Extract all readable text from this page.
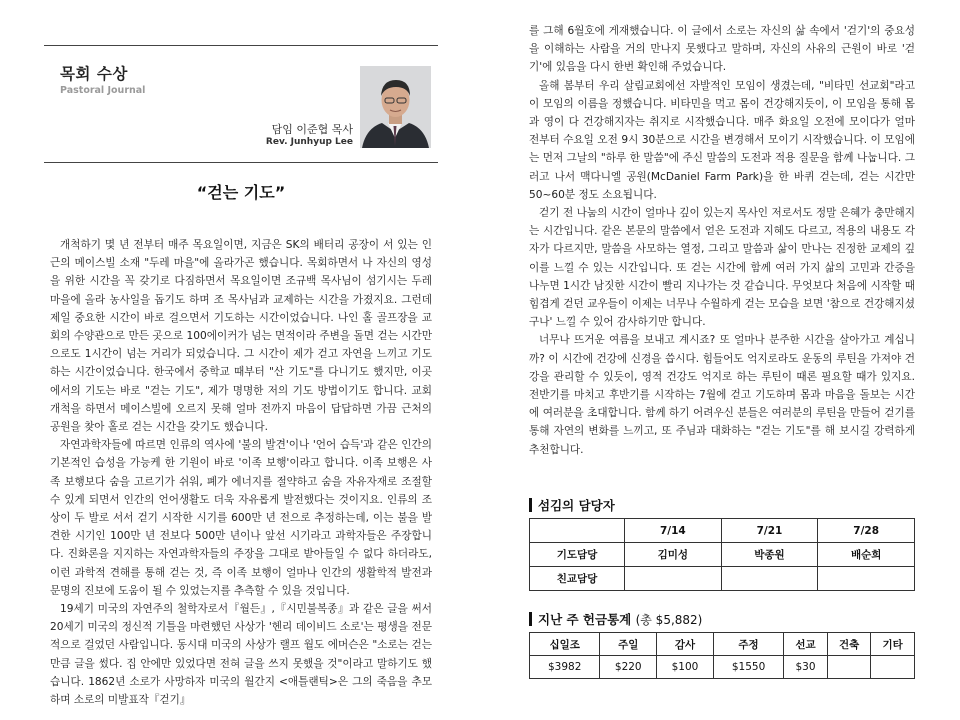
목회 수상
Pastoral Journal
담임 이준협 목사
Rev. Junhyup Lee
“걷는 기도”

개척하기 몇 년 전부터 매주 목요일이면, 지금은 SK의 배터리 공장이 서 있는 인근의 메이스빌 소재 "두레 마을"에 올라가곤 했습니다. 목회하면서 나 자신의 영성을 위한 시간을 꼭 갖기로 다짐하면서 목요일이면 조규백 목사님이 섬기시는 두레 마을에 올라 농사일을 돕기도 하며 조 목사님과 교제하는 시간을 가졌지요. 그런데 제일 중요한 시간이 바로 걸으면서 기도하는 시간이었습니다. 나인 홀 골프장을 교회의 수양관으로 만든 곳으로 100에이커가 넘는 면적이라 주변을 돌면 걷는 시간만으로도 1시간이 넘는 거리가 되었습니다. 그 시간이 제가 걷고 자연을 느끼고 기도하는 시간이었습니다. 한국에서 중학교 때부터 "산 기도"를 다니기도 했지만, 이곳에서의 기도는 바로 "걷는 기도", 제가 명명한 저의 기도 방법이기도 합니다. 교회 개척을 하면서 메이스빌에 오르지 못해 얼마 전까지 마음이 답답하면 가끔 근처의 공원을 찾아 홀로 걷는 시간을 갖기도 했습니다.

자연과학자들에 따르면 인류의 역사에 '불의 발견'이나 '언어 습득'과 같은 인간의 기본적인 습성을 가능케 한 기원이 바로 '이족 보행'이라고 합니다. 이족 보행은 사족 보행보다 숨을 고르기가 쉬워, 폐가 에너지를 절약하고 숨을 자유자재로 조절할 수 있게 되면서 인간의 언어생활도 더욱 자유롭게 발전했다는 것이지요. 인류의 조상이 두 발로 서서 걷기 시작한 시기를 600만 년 전으로 추정하는데, 이는 불을 발견한 시기인 100만 년 전보다 500만 년이나 앞선 시기라고 과학자들은 주장합니다. 진화론을 지지하는 자연과학자들의 주장을 그대로 받아들일 수 없다 하더라도, 이런 과학적 견해를 통해 걷는 것, 즉 이족 보행이 얼마나 인간의 생활학적 발전과 문명의 진보에 도움이 될 수 있었는지를 추측할 수 있을 것입니다.

19세기 미국의 자연주의 철학자로서『월든』,『시민불복종』과 같은 글을 써서 20세기 미국의 정신적 기틀을 마련했던 사상가 '헨리 데이비드 소로'는 평생을 전문적으로 걸었던 사람입니다. 동시대 미국의 사상가 랠프 월도 에머슨은 "소로는 걷는 만큼 글을 썼다. 집 안에만 있었다면 전혀 글을 쓰지 못했을 것"이라고 말하기도 했습니다. 1862년 소로가 사망하자 미국의 월간지 <애틀랜틱>은 그의 죽음을 추모하며 소로의 미발표작『걷기』

를 그해 6월호에 게재했습니다. 이 글에서 소로는 자신의 삶 속에서 '걷기'의 중요성을 이해하는 사람을 거의 만나지 못했다고 말하며, 자신의 사유의 근원이 바로 '걷기'에 있음을 다시 한번 확인해 주었습니다.

올해 봄부터 우리 살림교회에선 자발적인 모임이 생겼는데, "비타민 선교회"라고 이 모임의 이름을 정했습니다. 비타민을 먹고 몸이 건강해지듯이, 이 모임을 통해 몸과 영이 다 건강해지자는 취지로 시작했습니다. 매주 화요일 오전에 모이다가 얼마 전부터 수요일 오전 9시 30분으로 시간을 변경해서 모이기 시작했습니다. 이 모임에는 먼저 그날의 "하루 한 말씀"에 주신 말씀의 도전과 적용 질문을 함께 나눕니다. 그러고 나서 맥다니엘 공원(McDaniel Farm Park)을 한 바퀴 걷는데, 걷는 시간만 50~60분 정도 소요됩니다.

걷기 전 나눔의 시간이 얼마나 깊이 있는지 목사인 저로서도 정말 은혜가 충만해지는 시간입니다. 같은 본문의 말씀에서 얻은 도전과 지혜도 다르고, 적용의 내용도 각자가 다르지만, 말씀을 사모하는 열정, 그리고 말씀과 삶이 만나는 진정한 교제의 깊이를 느낄 수 있는 시간입니다. 또 걷는 시간에 함께 여러 가지 삶의 고민과 간증을 나누면 1시간 남짓한 시간이 빨리 지나가는 것 같습니다. 무엇보다 처음에 시작할 때 힘겹게 걷던 교우들이 이제는 너무나 수월하게 걷는 모습을 보면 '참으로 건강해지셨구나' 느낄 수 있어 감사하기만 합니다.

너무나 뜨거운 여름을 보내고 계시죠? 또 얼마나 분주한 시간을 살아가고 계십니까? 이 시간에 건강에 신경을 씁시다. 힘들어도 억지로라도 운동의 루틴을 가져야 건강을 관리할 수 있듯이, 영적 건강도 억지로 하는 루틴이 때론 필요할 때가 있지요. 전반기를 마치고 후반기를 시작하는 7월에 걷고 기도하며 몸과 마음을 돌보는 시간에 여러분을 초대합니다. 함께 하기 어려우신 분들은 여러분의 루틴을 만들어 걷기를 통해 자연의 변화를 느끼고, 또 주님과 대화하는 "걷는 기도"를 해 보시길 강력하게 추천합니다.

섬김의 담당자
	7/14	7/21	7/28
기도담당	김미성	박종원	배순희
친교담당			
지난 주 헌금통계 (총 $5,882)
십일조	주일	감사	주정	선교	건축	기타
$3982	$220	$100	$1550	$30		
